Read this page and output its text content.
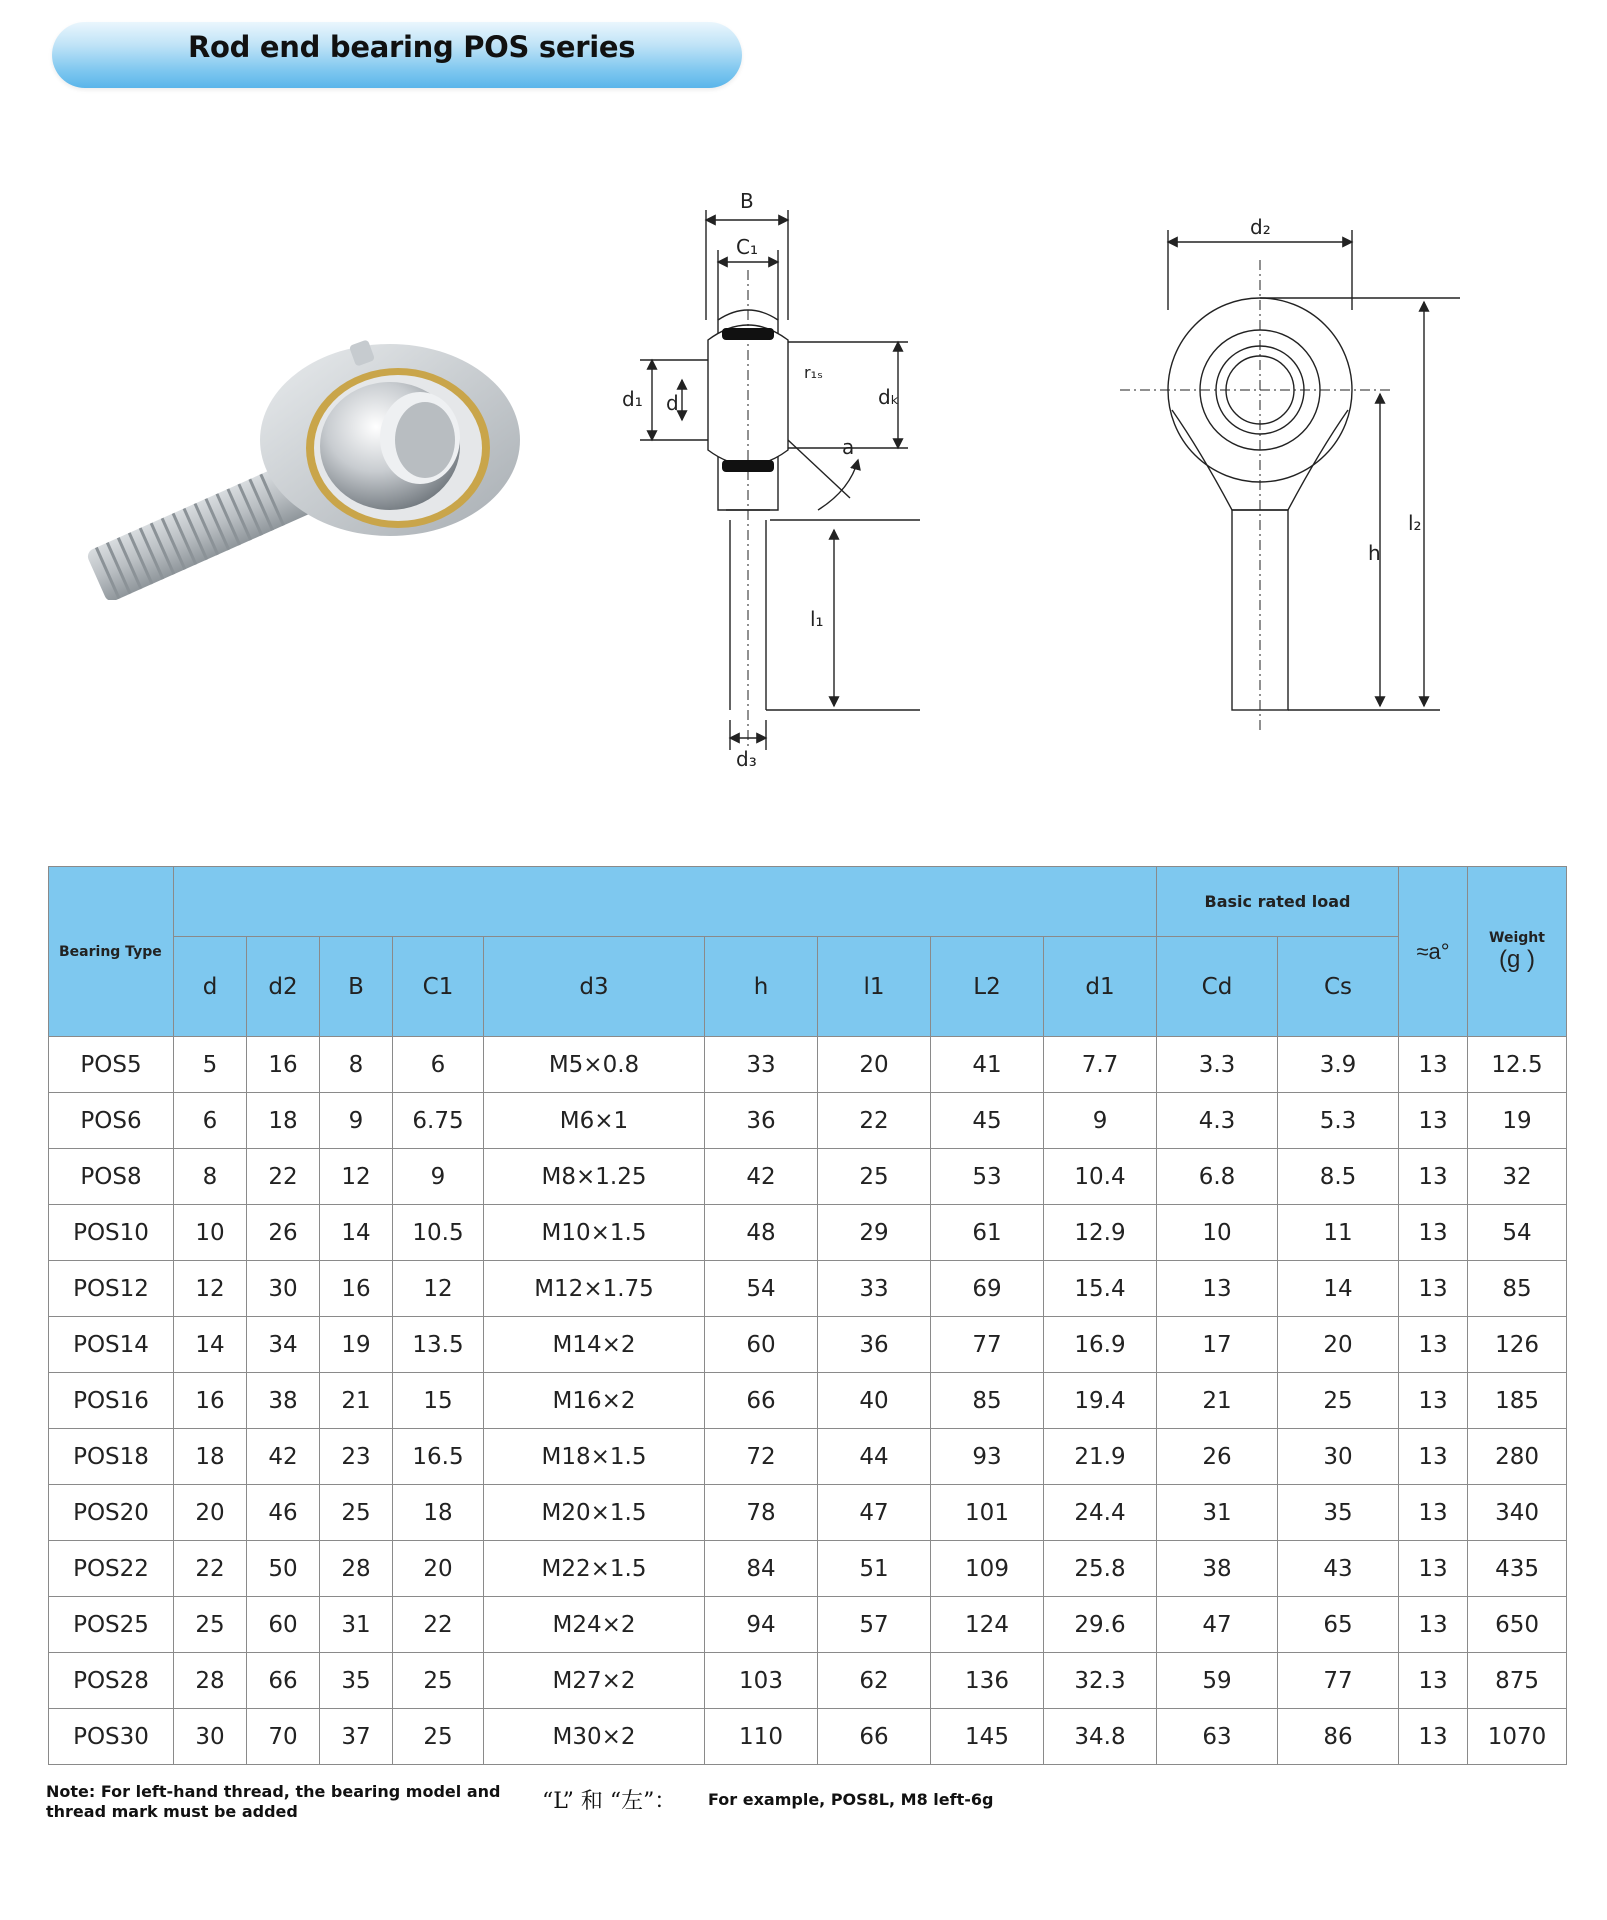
Rod end bearing POS series
B
C₁
d₁ d
r₁ₛ
dₖ
a
l₁
d₃
d₂
h
l₂
Bearing Type										Basic rated load		≈a°	Weight
(g )

	d	d2	B	C1	d3	h	l1	L2	d1	Cd	Cs		
POS5	5	16	8	6	M5×0.8	33	20	41	7.7	3.3	3.9	13	12.5
POS6	6	18	9	6.75	M6×1	36	22	45	9	4.3	5.3	13	19
POS8	8	22	12	9	M8×1.25	42	25	53	10.4	6.8	8.5	13	32
POS10	10	26	14	10.5	M10×1.5	48	29	61	12.9	10	11	13	54
POS12	12	30	16	12	M12×1.75	54	33	69	15.4	13	14	13	85
POS14	14	34	19	13.5	M14×2	60	36	77	16.9	17	20	13	126
POS16	16	38	21	15	M16×2	66	40	85	19.4	21	25	13	185
POS18	18	42	23	16.5	M18×1.5	72	44	93	21.9	26	30	13	280
POS20	20	46	25	18	M20×1.5	78	47	101	24.4	31	35	13	340
POS22	22	50	28	20	M22×1.5	84	51	109	25.8	38	43	13	435
POS25	25	60	31	22	M24×2	94	57	124	29.6	47	65	13	650
POS28	28	66	35	25	M27×2	103	62	136	32.3	59	77	13	875
POS30	30	70	37	25	M30×2	110	66	145	34.8	63	86	13	1070
Note: For left-hand thread, the bearing model and thread mark must be added	“L” 和 “左”： For example, POS8L, M8 left-6g
